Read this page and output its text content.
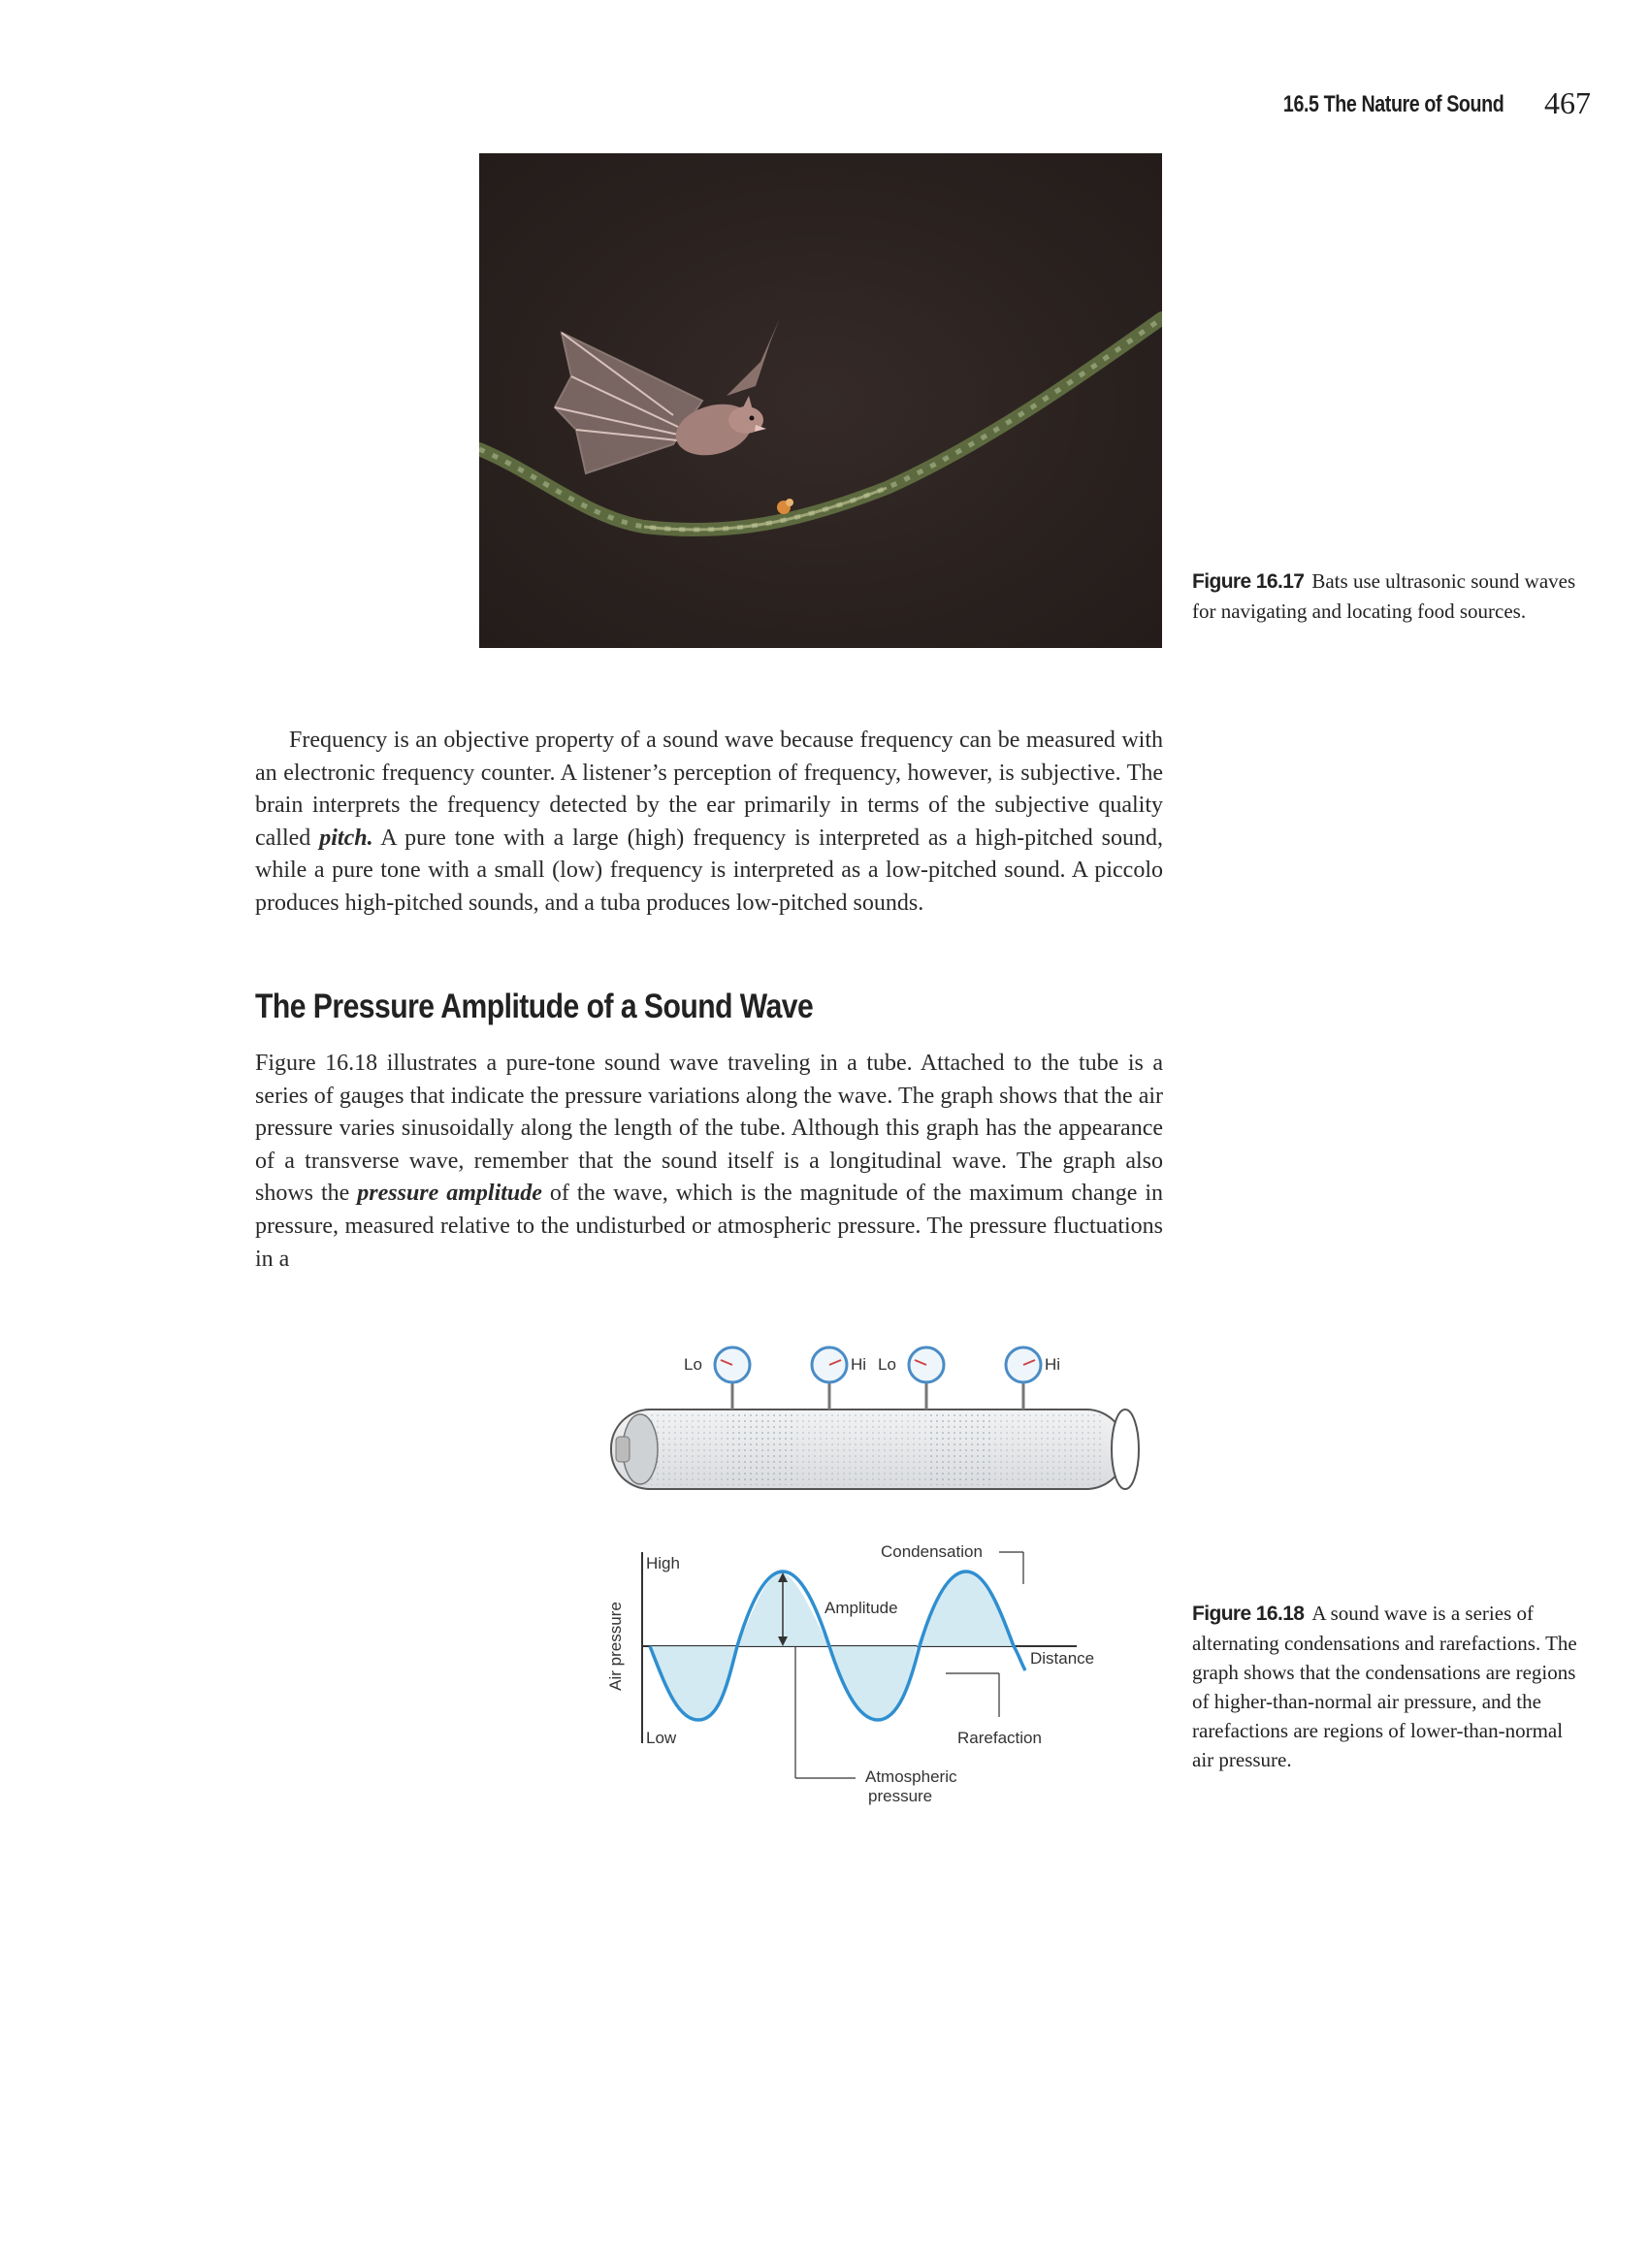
16.5 The Nature of Sound 467
Figure 16.17 Bats use ultrasonic sound waves for navigating and locating food sources.
Frequency is an objective property of a sound wave because frequency can be measured with an electronic frequency counter. A listener’s perception of frequency, however, is subjective. The brain interprets the frequency detected by the ear primarily in terms of the subjective quality called pitch. A pure tone with a large (high) frequency is interpreted as a high-pitched sound, while a pure tone with a small (low) frequency is interpreted as a low-pitched sound. A piccolo produces high-pitched sounds, and a tuba produces low-pitched sounds.
The Pressure Amplitude of a Sound Wave
Figure 16.18 illustrates a pure-tone sound wave traveling in a tube. Attached to the tube is a series of gauges that indicate the pressure variations along the wave. The graph shows that the air pressure varies sinusoidally along the length of the tube. Although this graph has the appearance of a transverse wave, remember that the sound itself is a longitudinal wave. The graph also shows the pressure amplitude of the wave, which is the magnitude of the maximum change in pressure, measured relative to the undisturbed or atmospheric pressure. The pressure fluctuations in a
Lo	Hi Lo	Hi
High
Low
Air pressure
Condensation
Amplitude
Distance
Rarefaction
Atmospheric
pressure
Figure 16.18 A sound wave is a series of alternating condensations and rarefactions. The graph shows that the condensations are regions of higher-than-normal air pressure, and the rarefactions are regions of lower-than-normal air pressure.
